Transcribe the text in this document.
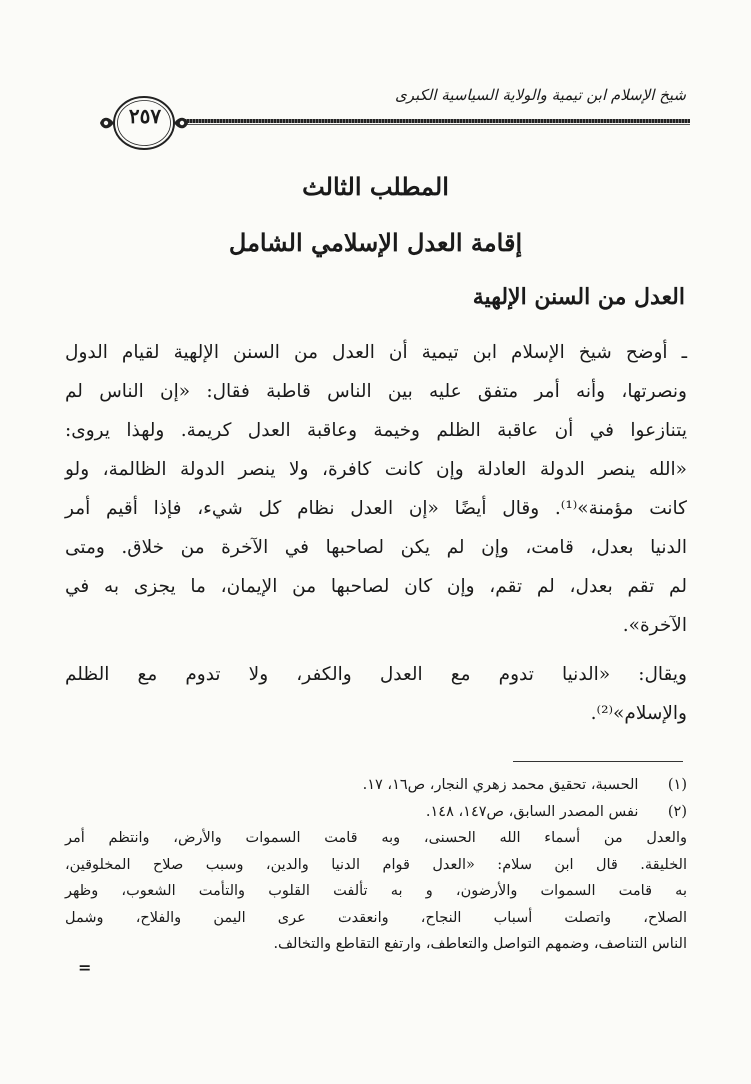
شيخ الإسلام ابن تيمية والولاية السياسية الكبرى
٢٥٧
المطلب الثالث
إقامة العدل الإسلامي الشامل
العدل من السنن الإلهية
ـ أوضح شيخ الإسلام ابن تيمية أن العدل من السنن الإلهية لقيام الدول
ونصرتها، وأنه أمر متفق عليه بين الناس قاطبة فقال: «إن الناس لم
يتنازعوا في أن عاقبة الظلم وخيمة وعاقبة العدل كريمة. ولهذا يروى:
«الله ينصر الدولة العادلة وإن كانت كافرة، ولا ينصر الدولة الظالمة، ولو
كانت مؤمنة»⁽¹⁾. وقال أيضًا «إن العدل نظام كل شيء، فإذا أقيم أمر
الدنيا بعدل، قامت، وإن لم يكن لصاحبها في الآخرة من خلاق. ومتى
لم تقم بعدل، لم تقم، وإن كان لصاحبها من الإيمان، ما يجزى به في
الآخرة».
ويقال: «الدنيا تدوم مع العدل والكفر، ولا تدوم مع الظلم
والإسلام»⁽²⁾.
(١) الحسبة، تحقيق محمد زهري النجار، ص١٦، ١٧.
(٢) نفس المصدر السابق، ص١٤٧، ١٤٨.
والعدل من أسماء الله الحسنى، وبه قامت السموات والأرض، وانتظم أمر
الخليقة. قال ابن سلام: «العدل قوام الدنيا والدين، وسبب صلاح المخلوقين،
به قامت السموات والأرضون، و به تألفت القلوب والتأمت الشعوب، وظهر
الصلاح، واتصلت أسباب النجاح، وانعقدت عرى اليمن والفلاح، وشمل
الناس التناصف، وضمهم التواصل والتعاطف، وارتفع التقاطع والتخالف.
=
